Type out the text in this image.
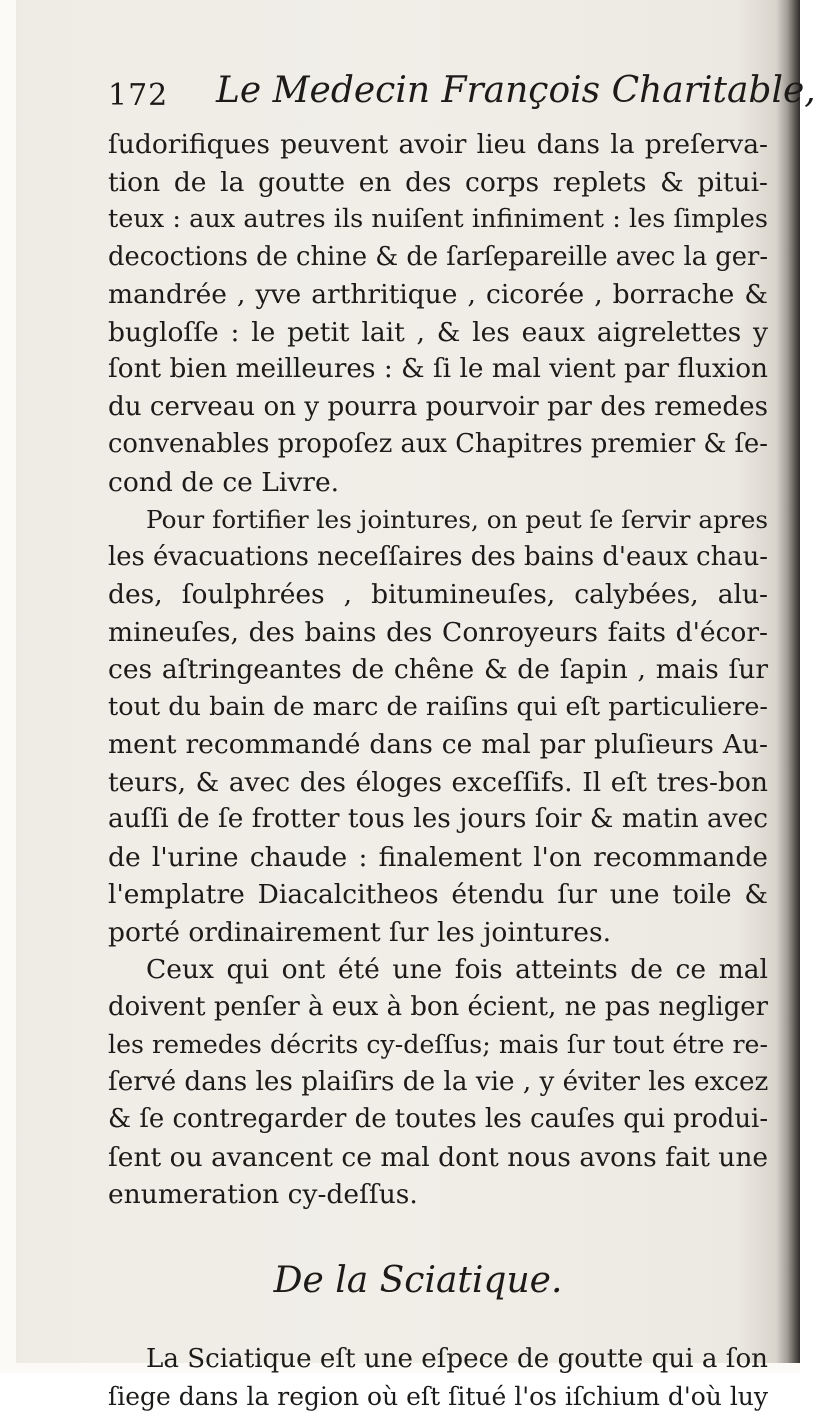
172 Le Medecin François Charitable,

ſudorifiques peuvent avoir lieu dans la preſerva-
tion de la goutte en des corps replets & pitui-
teux : aux autres ils nuiſent infiniment : les ſimples
decoctions de chine & de ſarſepareille avec la ger-
mandrée , yve arthritique , cicorée , borrache &
bugloſſe : le petit lait , & les eaux aigrelettes y
ſont bien meilleures : & ſi le mal vient par fluxion
du cerveau on y pourra pourvoir par des remedes
convenables propoſez aux Chapitres premier & ſe-
cond de ce Livre.

Pour fortifier les jointures, on peut ſe ſervir apres
les évacuations neceſſaires des bains d'eaux chau-
des, ſoulphrées , bitumineuſes, calybées, alu-
mineuſes, des bains des Conroyeurs faits d'écor-
ces aſtringeantes de chêne & de ſapin , mais ſur
tout du bain de marc de raiſins qui eſt particuliere-
ment recommandé dans ce mal par pluſieurs Au-
teurs, & avec des éloges exceſſifs. Il eſt tres-bon
auſſi de ſe frotter tous les jours ſoir & matin avec
de l'urine chaude : finalement l'on recommande
l'emplatre Diacalcitheos étendu ſur une toile &
porté ordinairement ſur les jointures.

Ceux qui ont été une fois atteints de ce mal
doivent penſer à eux à bon écient, ne pas negliger
les remedes décrits cy-deſſus; mais ſur tout étre re-
ſervé dans les plaiſirs de la vie , y éviter les excez
& ſe contregarder de toutes les cauſes qui produi-
ſent ou avancent ce mal dont nous avons fait une
enumeration cy-deſſus.

De la Sciatique.

La Sciatique eſt une eſpece de goutte qui a ſon
ſiege dans la region où eſt ſitué l'os iſchium d'où luy
